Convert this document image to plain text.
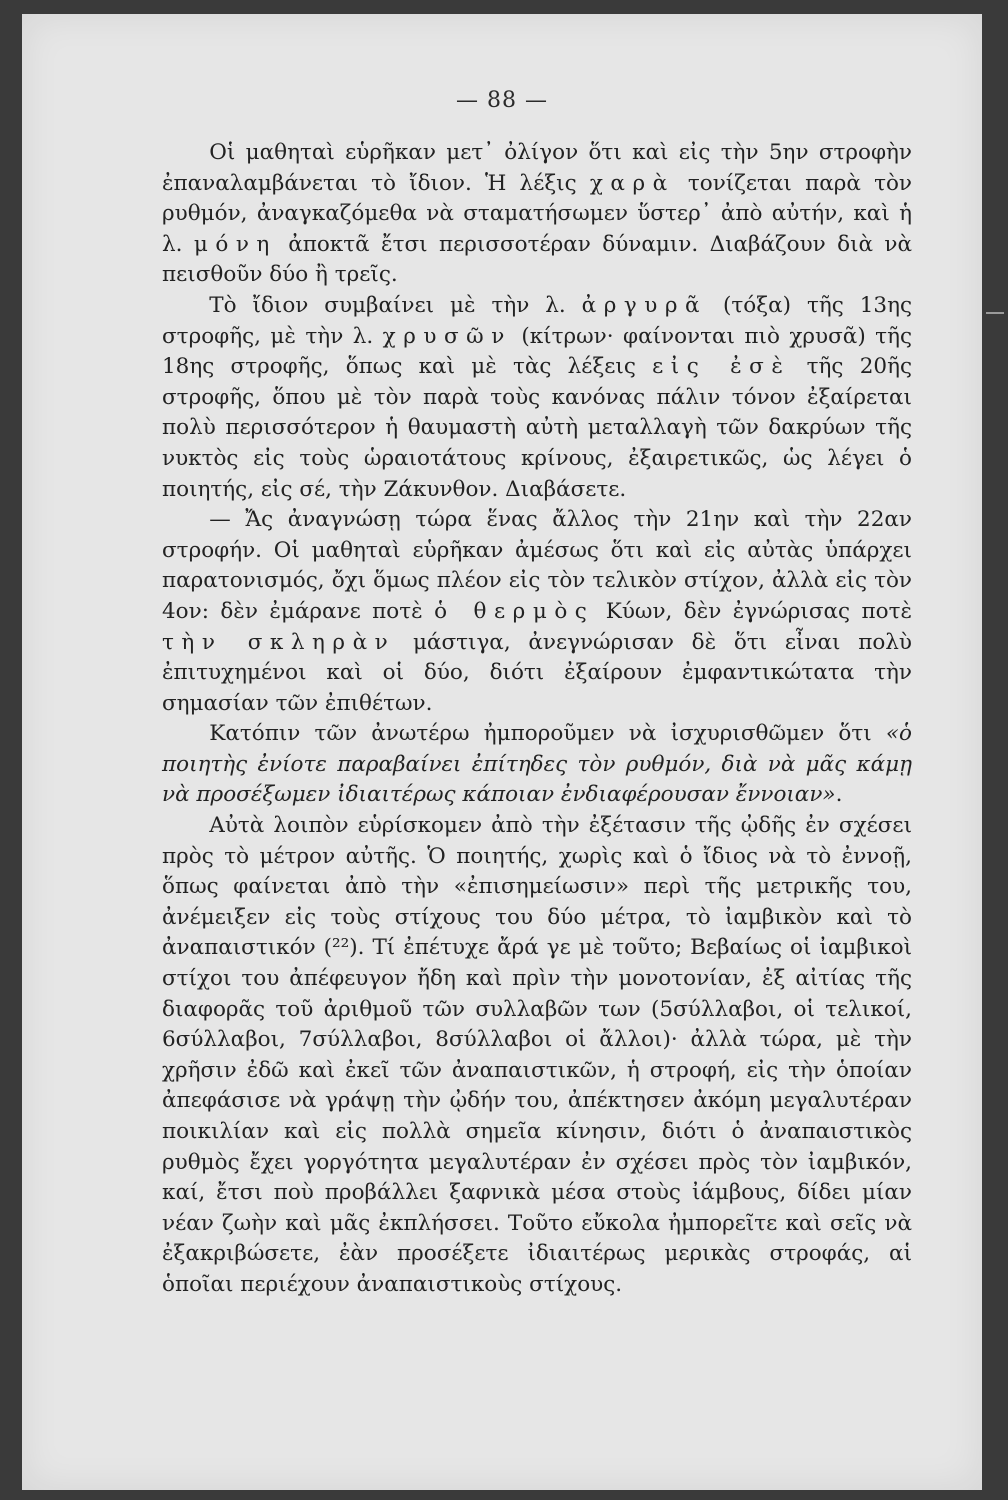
— 88 —

Οἱ μαθηταὶ εὑρῆκαν μετ᾽ ὀλίγον ὅτι καὶ εἰς τὴν 5ην στροφὴν ἐπαναλαμβάνεται τὸ ἴδιον. Ἡ λέξις χαρὰ τονίζεται παρὰ τὸν ρυθμόν, ἀναγκαζόμεθα νὰ σταματήσωμεν ὕστερ᾽ ἀπὸ αὐτήν, καὶ ἡ λ. μόνη ἀποκτᾶ ἔτσι περισσοτέραν δύναμιν. Διαβάζουν διὰ νὰ πεισθοῦν δύο ἢ τρεῖς.

Τὸ ἴδιον συμβαίνει μὲ τὴν λ. ἀργυρᾶ (τόξα) τῆς 13ης στροφῆς, μὲ τὴν λ. χρυσῶν (κίτρων· φαίνονται πιὸ χρυσᾶ) τῆς 18ης στροφῆς, ὅπως καὶ μὲ τὰς λέξεις εἰς ἐσὲ τῆς 20ῆς στροφῆς, ὅπου μὲ τὸν παρὰ τοὺς κανόνας πάλιν τόνον ἐξαίρεται πολὺ περισσότερον ἡ θαυμαστὴ αὐτὴ μεταλλαγὴ τῶν δακρύων τῆς νυκτὸς εἰς τοὺς ὡραιοτάτους κρίνους, ἐξαιρετικῶς, ὡς λέγει ὁ ποιητής, εἰς σέ, τὴν Ζάκυνθον. Διαβάσετε.

— Ἄς ἀναγνώσῃ τώρα ἕνας ἄλλος τὴν 21ην καὶ τὴν 22αν στροφήν. Οἱ μαθηταὶ εὑρῆκαν ἀμέσως ὅτι καὶ εἰς αὐτὰς ὑπάρχει παρατονισμός, ὄχι ὅμως πλέον εἰς τὸν τελικὸν στίχον, ἀλλὰ εἰς τὸν 4ον: δὲν ἐμάρανε ποτὲ ὁ θερμὸς Κύων, δὲν ἐγνώρισας ποτὲ τὴν σκληρὰν μάστιγα, ἀνεγνώρισαν δὲ ὅτι εἶναι πολὺ ἐπιτυχημένοι καὶ οἱ δύο, διότι ἐξαίρουν ἐμφαντικώτατα τὴν σημασίαν τῶν ἐπιθέτων.

Κατόπιν τῶν ἀνωτέρω ἠμποροῦμεν νὰ ἰσχυρισθῶμεν ὅτι «ὁ ποιητὴς ἐνίοτε παραβαίνει ἐπίτηδες τὸν ρυθμόν, διὰ νὰ μᾶς κάμῃ νὰ προσέξωμεν ἰδιαιτέρως κάποιαν ἐνδιαφέρουσαν ἔννοιαν».

Αὐτὰ λοιπὸν εὑρίσκομεν ἀπὸ τὴν ἐξέτασιν τῆς ᾠδῆς ἐν σχέσει πρὸς τὸ μέτρον αὐτῆς. Ὁ ποιητής, χωρὶς καὶ ὁ ἴδιος νὰ τὸ ἐννοῇ, ὅπως φαίνεται ἀπὸ τὴν «ἐπισημείωσιν» περὶ τῆς μετρικῆς του, ἀνέμειξεν εἰς τοὺς στίχους του δύο μέτρα, τὸ ἰαμβικὸν καὶ τὸ ἀναπαιστικόν (²²). Τί ἐπέτυχε ἄρά γε μὲ τοῦτο; Βεβαίως οἱ ἰαμβικοὶ στίχοι του ἀπέφευγον ἤδη καὶ πρὶν τὴν μονοτονίαν, ἐξ αἰτίας τῆς διαφορᾶς τοῦ ἀριθμοῦ τῶν συλλαβῶν των (5σύλλαβοι, οἱ τελικοί, 6σύλλαβοι, 7σύλλαβοι, 8σύλλαβοι οἱ ἄλλοι)· ἀλλὰ τώρα, μὲ τὴν χρῆσιν ἐδῶ καὶ ἐκεῖ τῶν ἀναπαιστικῶν, ἡ στροφή, εἰς τὴν ὁποίαν ἀπεφάσισε νὰ γράψῃ τὴν ᾠδήν του, ἀπέκτησεν ἀκόμη μεγαλυτέραν ποικιλίαν καὶ εἰς πολλὰ σημεῖα κίνησιν, διότι ὁ ἀναπαιστικὸς ρυθμὸς ἔχει γοργότητα μεγαλυτέραν ἐν σχέσει πρὸς τὸν ἰαμβικόν, καί, ἔτσι ποὺ προβάλλει ξαφνικὰ μέσα στοὺς ἰάμβους, δίδει μίαν νέαν ζωὴν καὶ μᾶς ἐκπλήσσει. Τοῦτο εὔκολα ἠμπορεῖτε καὶ σεῖς νὰ ἐξακριβώσετε, ἐὰν προσέξετε ἰδιαιτέρως μερικὰς στροφάς, αἱ ὁποῖαι περιέχουν ἀναπαιστικοὺς στίχους.
